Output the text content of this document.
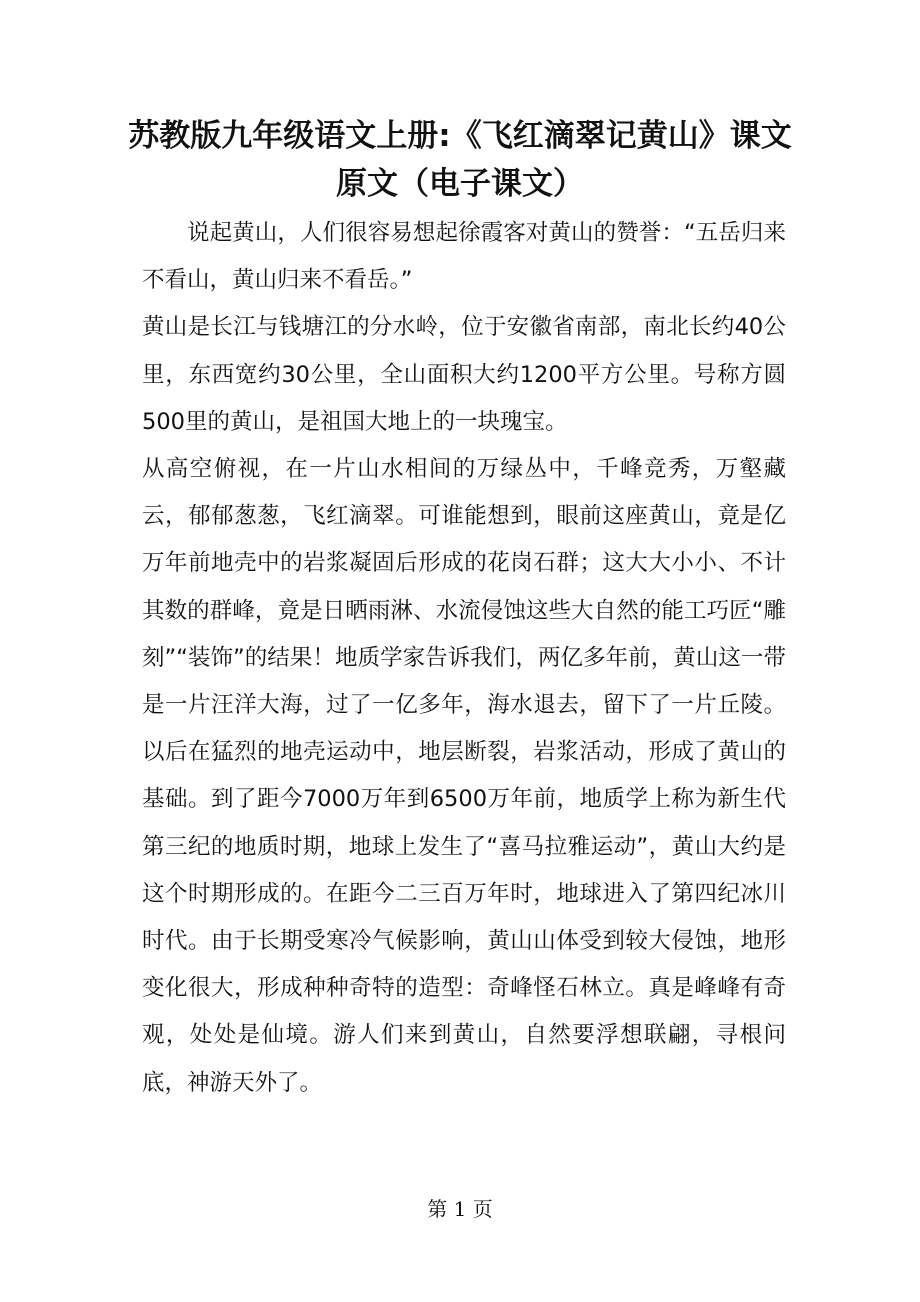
苏教版九年级语文上册:《飞红滴翠记黄山》课文原文（电子课文）

说起黄山，人们很容易想起徐霞客对黄山的赞誉：“五岳归来不看山，黄山归来不看岳。”

黄山是长江与钱塘江的分水岭，位于安徽省南部，南北长约40公里，东西宽约30公里，全山面积大约1200平方公里。号称方圆500里的黄山，是祖国大地上的一块瑰宝。

从高空俯视，在一片山水相间的万绿丛中，千峰竞秀，万壑藏云，郁郁葱葱，飞红滴翠。可谁能想到，眼前这座黄山，竟是亿万年前地壳中的岩浆凝固后形成的花岗石群；这大大小小、不计其数的群峰，竟是日晒雨淋、水流侵蚀这些大自然的能工巧匠“雕刻”“装饰”的结果！地质学家告诉我们，两亿多年前，黄山这一带是一片汪洋大海，过了一亿多年，海水退去，留下了一片丘陵。以后在猛烈的地壳运动中，地层断裂，岩浆活动，形成了黄山的基础。到了距今7000万年到6500万年前，地质学上称为新生代第三纪的地质时期，地球上发生了“喜马拉雅运动”，黄山大约是这个时期形成的。在距今二三百万年时，地球进入了第四纪冰川时代。由于长期受寒冷气候影响，黄山山体受到较大侵蚀，地形变化很大，形成种种奇特的造型：奇峰怪石林立。真是峰峰有奇观，处处是仙境。游人们来到黄山，自然要浮想联翩，寻根问底，神游天外了。

第 1 页
